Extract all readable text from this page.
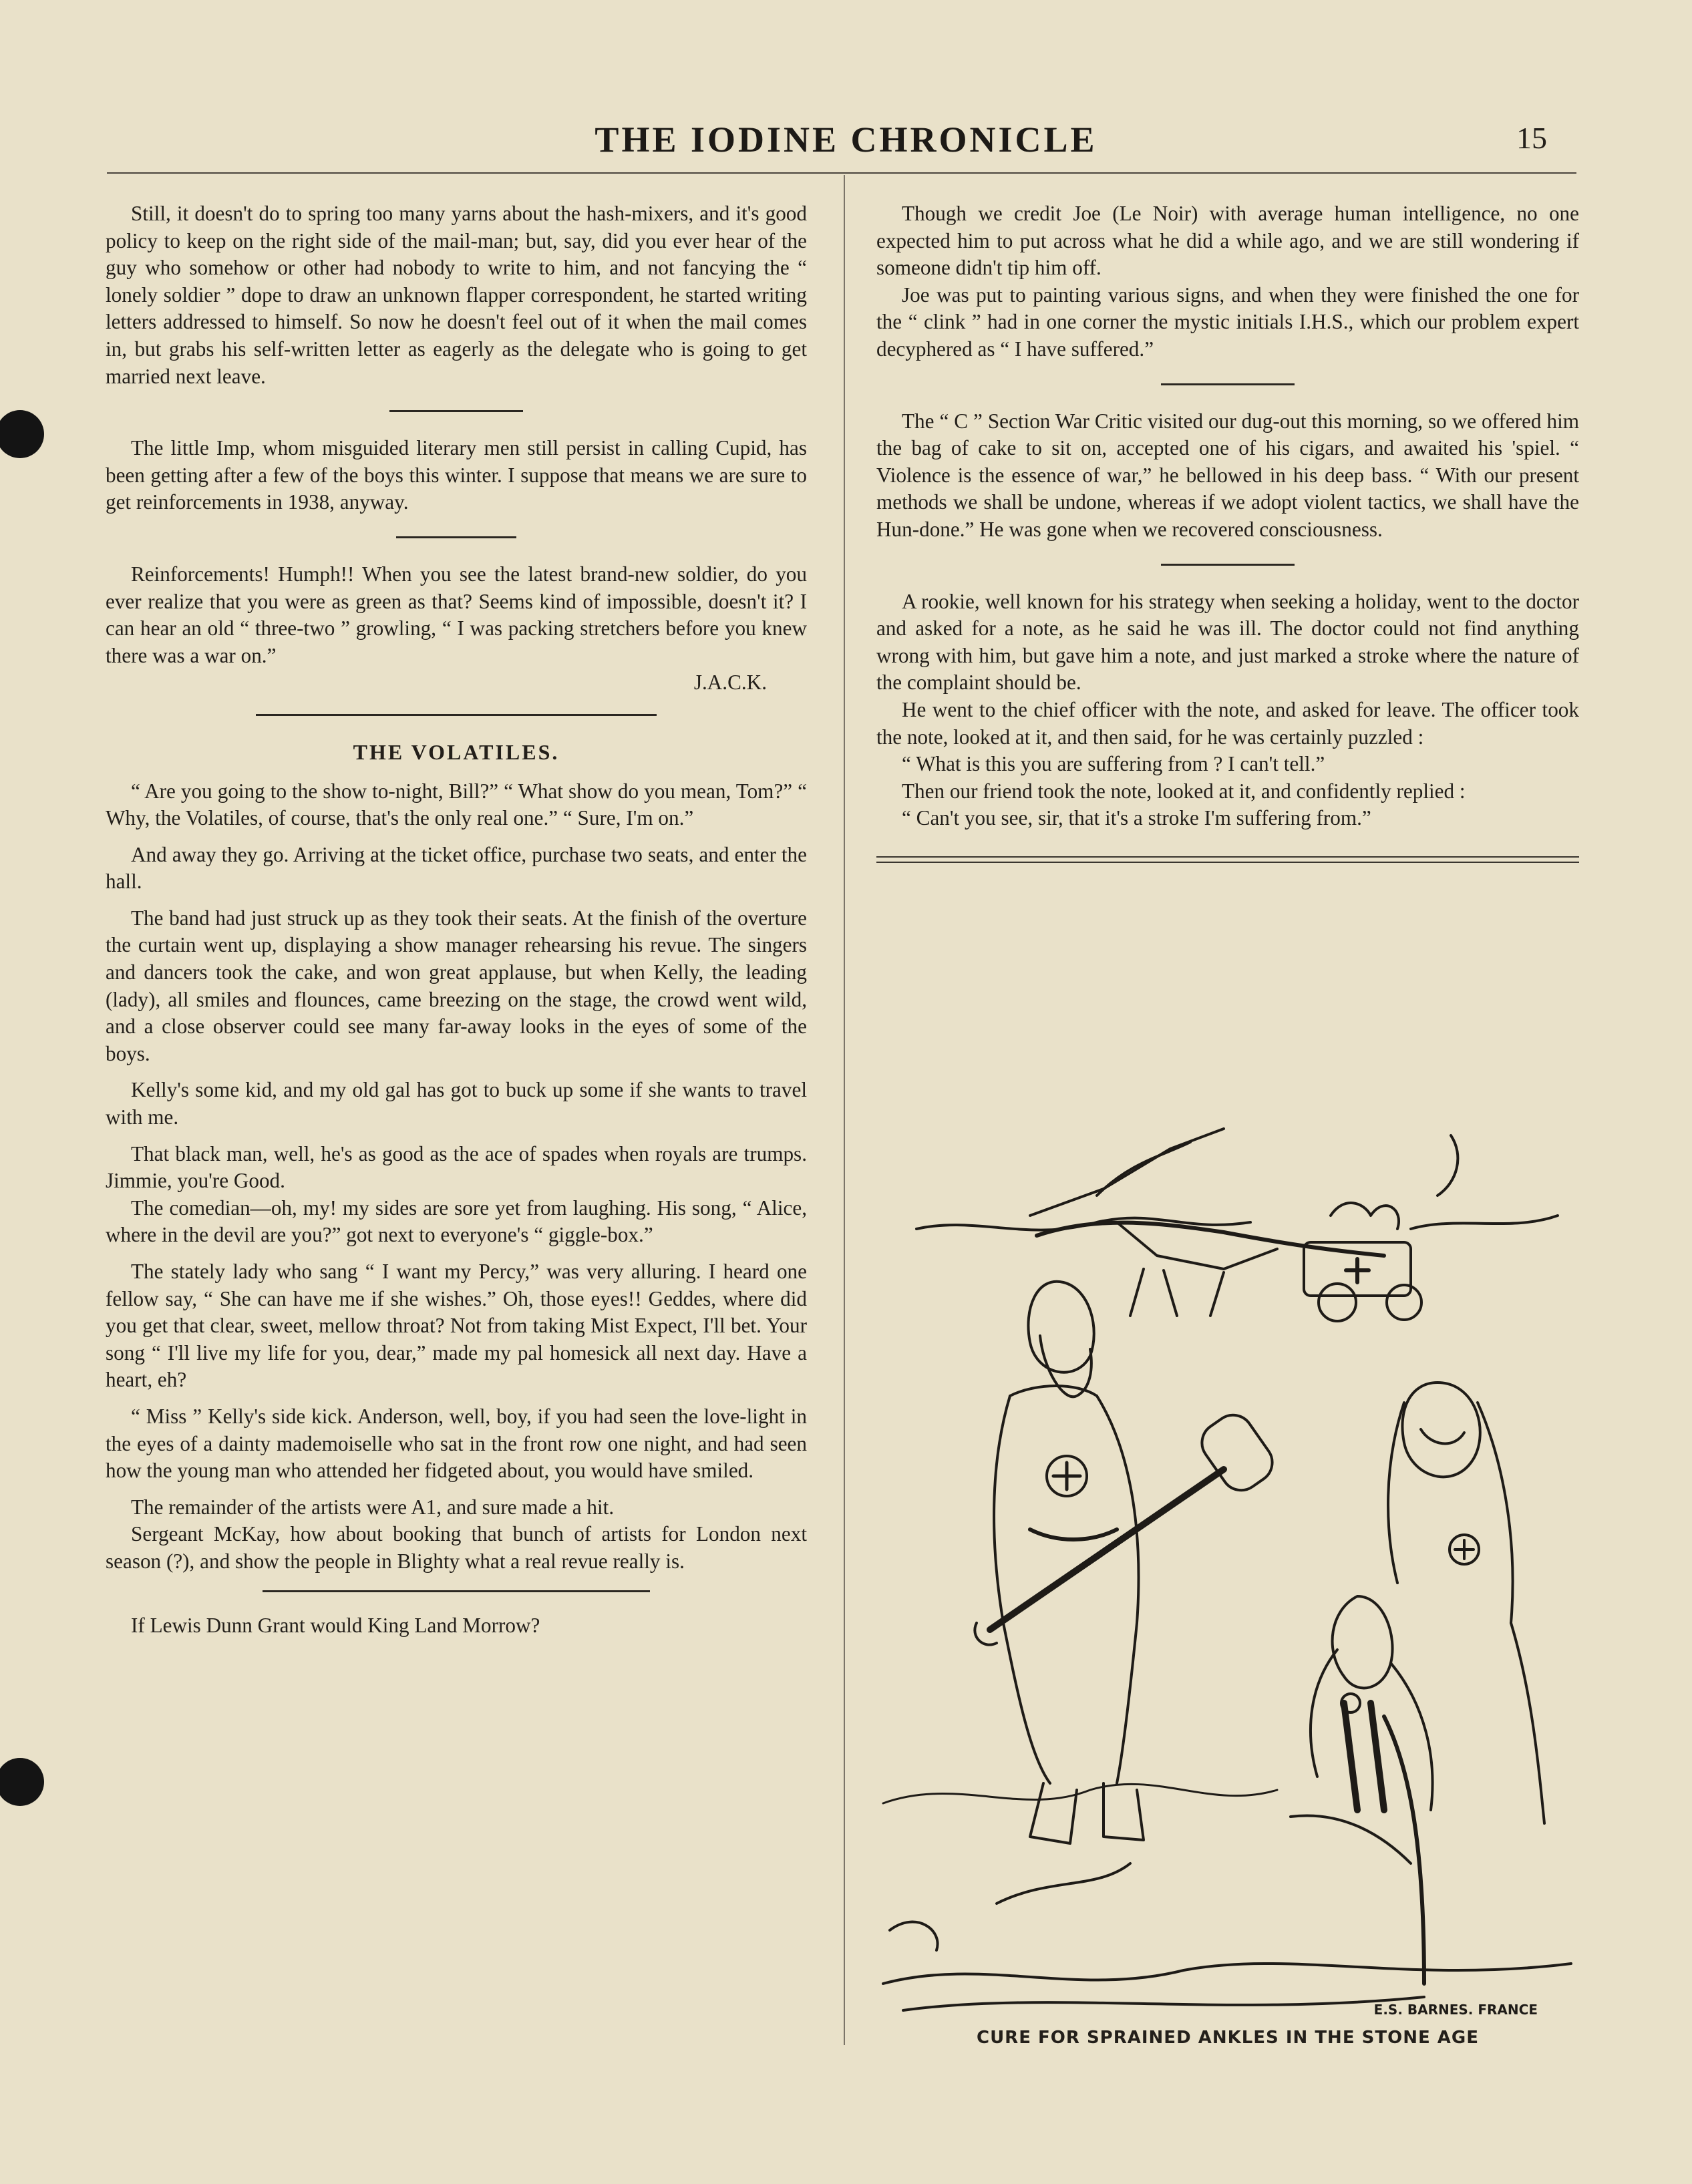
THE IODINE CHRONICLE	15

Still, it doesn't do to spring too many yarns about the hash-mixers, and it's good policy to keep on the right side of the mail-man; but, say, did you ever hear of the guy who somehow or other had nobody to write to him, and not fancying the “ lonely soldier ” dope to draw an unknown flapper correspondent, he started writing letters addressed to himself. So now he doesn't feel out of it when the mail comes in, but grabs his self-written letter as eagerly as the delegate who is going to get married next leave.

The little Imp, whom misguided literary men still persist in calling Cupid, has been getting after a few of the boys this winter. I suppose that means we are sure to get reinforcements in 1938, anyway.

Reinforcements! Humph!! When you see the latest brand-new soldier, do you ever realize that you were as green as that? Seems kind of impossible, doesn't it? I can hear an old “ three-two ” growling, “ I was packing stretchers before you knew there was a war on.”

J.A.C.K.

THE VOLATILES.

“ Are you going to the show to-night, Bill?” “ What show do you mean, Tom?” “ Why, the Volatiles, of course, that's the only real one.” “ Sure, I'm on.”

And away they go. Arriving at the ticket office, purchase two seats, and enter the hall.

The band had just struck up as they took their seats. At the finish of the overture the curtain went up, displaying a show manager rehearsing his revue. The singers and dancers took the cake, and won great applause, but when Kelly, the leading (lady), all smiles and flounces, came breezing on the stage, the crowd went wild, and a close observer could see many far-away looks in the eyes of some of the boys.

Kelly's some kid, and my old gal has got to buck up some if she wants to travel with me.

That black man, well, he's as good as the ace of spades when royals are trumps. Jimmie, you're Good.

The comedian—oh, my! my sides are sore yet from laughing. His song, “ Alice, where in the devil are you?” got next to everyone's “ giggle-box.”

The stately lady who sang “ I want my Percy,” was very alluring. I heard one fellow say, “ She can have me if she wishes.” Oh, those eyes!! Geddes, where did you get that clear, sweet, mellow throat? Not from taking Mist Expect, I'll bet. Your song “ I'll live my life for you, dear,” made my pal homesick all next day. Have a heart, eh?

“ Miss ” Kelly's side kick. Anderson, well, boy, if you had seen the love-light in the eyes of a dainty mademoiselle who sat in the front row one night, and had seen how the young man who attended her fidgeted about, you would have smiled.

The remainder of the artists were A1, and sure made a hit.

Sergeant McKay, how about booking that bunch of artists for London next season (?), and show the people in Blighty what a real revue really is.

If Lewis Dunn Grant would King Land Morrow?

Though we credit Joe (Le Noir) with average human intelligence, no one expected him to put across what he did a while ago, and we are still wondering if someone didn't tip him off.

Joe was put to painting various signs, and when they were finished the one for the “ clink ” had in one corner the mystic initials I.H.S., which our problem expert decyphered as “ I have suffered.”

The “ C ” Section War Critic visited our dug-out this morning, so we offered him the bag of cake to sit on, accepted one of his cigars, and awaited his 'spiel. “ Violence is the essence of war,” he bellowed in his deep bass. “ With our present methods we shall be undone, whereas if we adopt violent tactics, we shall have the Hun-done.” He was gone when we recovered consciousness.

A rookie, well known for his strategy when seeking a holiday, went to the doctor and asked for a note, as he said he was ill. The doctor could not find anything wrong with him, but gave him a note, and just marked a stroke where the nature of the complaint should be.

He went to the chief officer with the note, and asked for leave. The officer took the note, looked at it, and then said, for he was certainly puzzled :

“ What is this you are suffering from ? I can't tell.”

Then our friend took the note, looked at it, and confidently replied :

“ Can't you see, sir, that it's a stroke I'm suffering from.”

E.S. BARNES. FRANCE
CURE FOR SPRAINED ANKLES IN THE STONE AGE
